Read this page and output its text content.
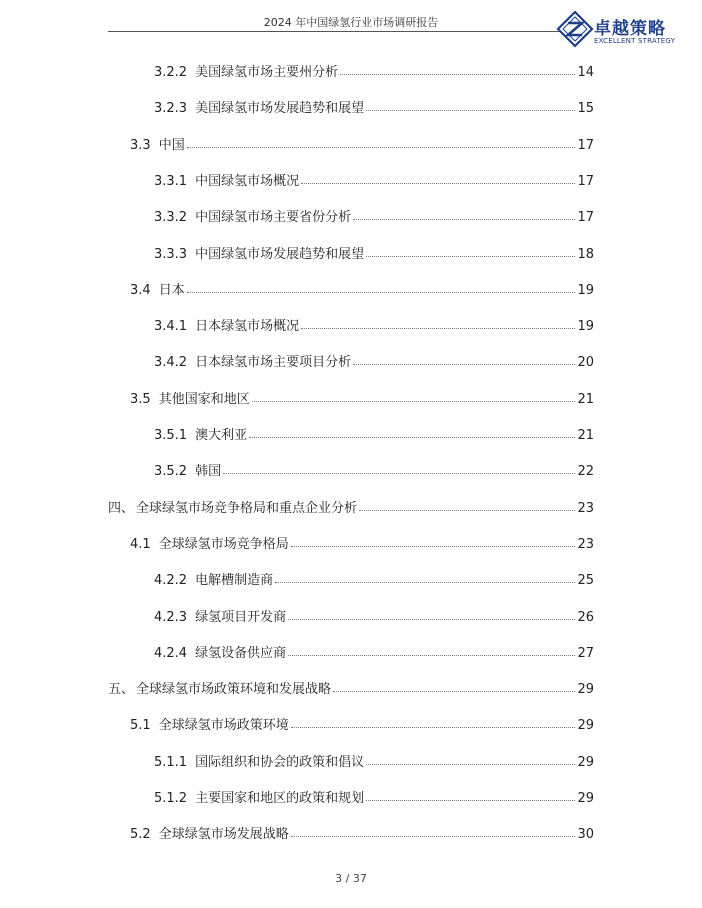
2024 年中国绿氢行业市场调研报告	卓越策略
EXCELLENT STRATEGY
3.2.2 美国绿氢市场主要州分析	14
3.2.3 美国绿氢市场发展趋势和展望	15
3.3 中国	17
3.3.1 中国绿氢市场概况	17
3.3.2 中国绿氢市场主要省份分析	17
3.3.3 中国绿氢市场发展趋势和展望	18
3.4 日本	19
3.4.1 日本绿氢市场概况	19
3.4.2 日本绿氢市场主要项目分析	20
3.5 其他国家和地区	21
3.5.1 澳大利亚	21
3.5.2 韩国	22
四、 全球绿氢市场竞争格局和重点企业分析	23
4.1 全球绿氢市场竞争格局	23
4.2.2 电解槽制造商	25
4.2.3 绿氢项目开发商	26
4.2.4 绿氢设备供应商	27
五、 全球绿氢市场政策环境和发展战略	29
5.1 全球绿氢市场政策环境	29
5.1.1 国际组织和协会的政策和倡议	29
5.1.2 主要国家和地区的政策和规划	29
5.2 全球绿氢市场发展战略	30
3 / 37
